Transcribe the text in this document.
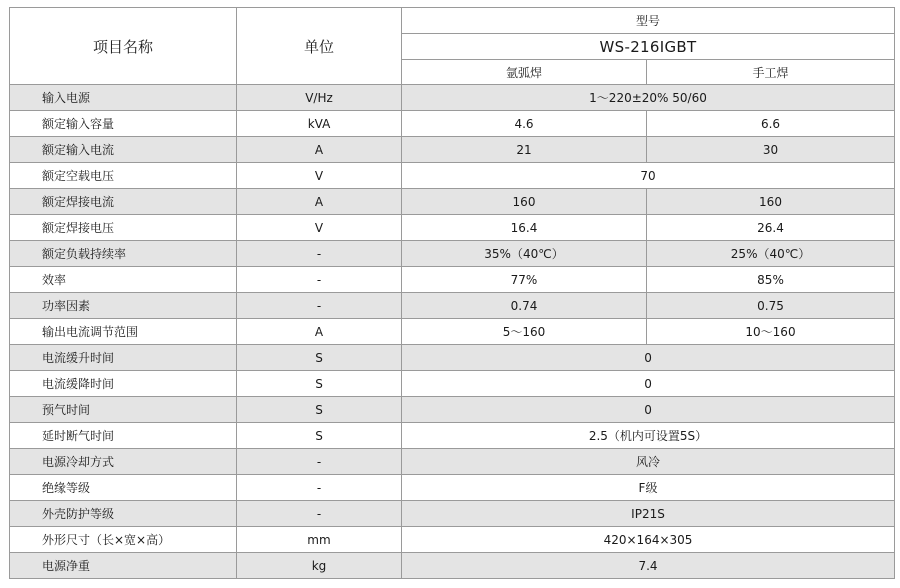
项目名称	单位	型号	
		WS-216IGBT	
		氩弧焊	手工焊
输入电源	V/Hz	1～220±20% 50/60	
额定输入容量	kVA	4.6	6.6
额定输入电流	A	21	30
额定空载电压	V	70	
额定焊接电流	A	160	160
额定焊接电压	V	16.4	26.4
额定负载持续率	-	35%（40℃）	25%（40℃）
效率	-	77%	85%
功率因素	-	0.74	0.75
输出电流调节范围	A	5～160	10～160
电流缓升时间	S	0	
电流缓降时间	S	0	
预气时间	S	0	
延时断气时间	S	2.5（机内可设置5S）	
电源冷却方式	-	风冷	
绝缘等级	-	F级	
外壳防护等级	-	IP21S	
外形尺寸（长×宽×高）	mm	420×164×305	
电源净重	kg	7.4	
